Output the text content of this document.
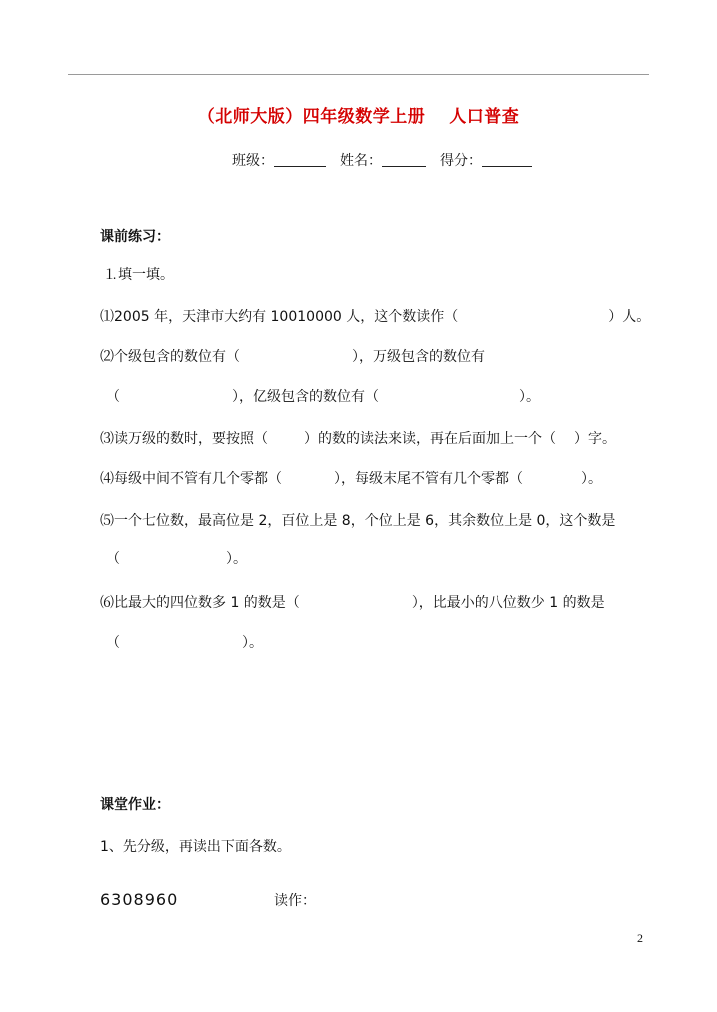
（北师大版）四年级数学上册 人口普查
班级：	姓名：	得分：
课前练习：
⒈填一填。
⑴2005 年，天津市大约有 10010000 人，这个数读作（	）人。
⑵个级包含的数位有（	），万级包含的数位有
（	），亿级包含的数位有（	）。
⑶读万级的数时，要按照（	）的数的读法来读，再在后面加上一个（ ）字。
⑷每级中间不管有几个零都（	），每级末尾不管有几个零都（	）。
⑸一个七位数，最高位是 2，百位上是 8，个位上是 6，其余数位上是 0，这个数是
（	）。
⑹比最大的四位数多 1 的数是（	），比最小的八位数少 1 的数是
（	）。
课堂作业：
1、先分级，再读出下面各数。
6308960	读作：
2
